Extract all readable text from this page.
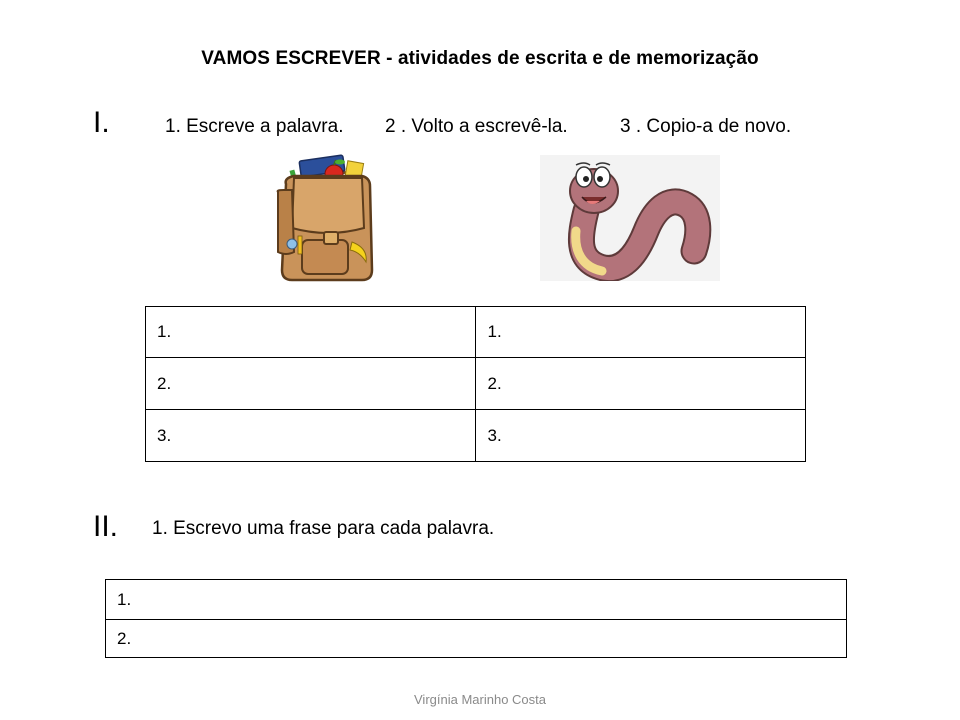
VAMOS ESCREVER - atividades de escrita e de memorização
I.	1. Escreve a palavra. 2 . Volto a escrevê-la.	3 . Copio-a de novo.
1.	1.
2.	2.
3.	3.
II. 1. Escrevo uma frase para cada palavra.
1.
2.
Virgínia Marinho Costa
